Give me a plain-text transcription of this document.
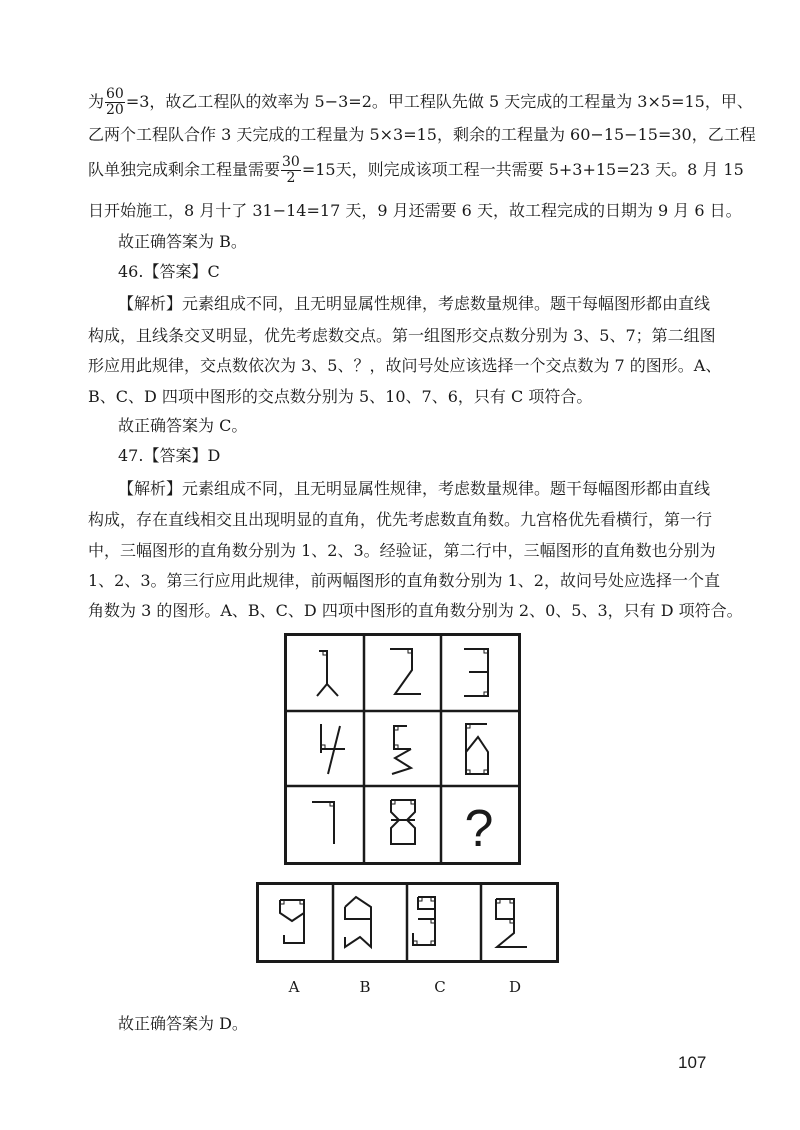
为 $\frac{60}{20} =3$，故乙工程队的效率为 5−3=2。甲工程队先做 5 天完成的工程量为 3×5=15，甲、
乙两个工程队合作 3 天完成的工程量为 5×3=15，剩余的工程量为 60−15−15=30，乙工程
队单独完成剩余工程量需要 $\frac{30}{2} =15$天，则完成该项工程一共需要 5+3+15=23 天。8 月 15
日开始施工，8 月十了 31−14=17 天，9 月还需要 6 天，故工程完成的日期为 9 月 6 日。
故正确答案为 B。
46.【答案】C
【解析】元素组成不同，且无明显属性规律，考虑数量规律。题干每幅图形都由直线
构成，且线条交叉明显，优先考虑数交点。第一组图形交点数分别为 3、5、7；第二组图
形应用此规律，交点数依次为 3、5、？，故问号处应该选择一个交点数为 7 的图形。A、
B、C、D 四项中图形的交点数分别为 5、10、7、6，只有 C 项符合。
故正确答案为 C。
47.【答案】D
【解析】元素组成不同，且无明显属性规律，考虑数量规律。题干每幅图形都由直线
构成，存在直线相交且出现明显的直角，优先考虑数直角数。九宫格优先看横行，第一行
中，三幅图形的直角数分别为 1、2、3。经验证，第二行中，三幅图形的直角数也分别为
1、2、3。第三行应用此规律，前两幅图形的直角数分别为 1、2，故问号处应选择一个直
角数为 3 的图形。A、B、C、D 四项中图形的直角数分别为 2、0、5、3，只有 D 项符合。
?
A	B	C	D
故正确答案为 D。
107
